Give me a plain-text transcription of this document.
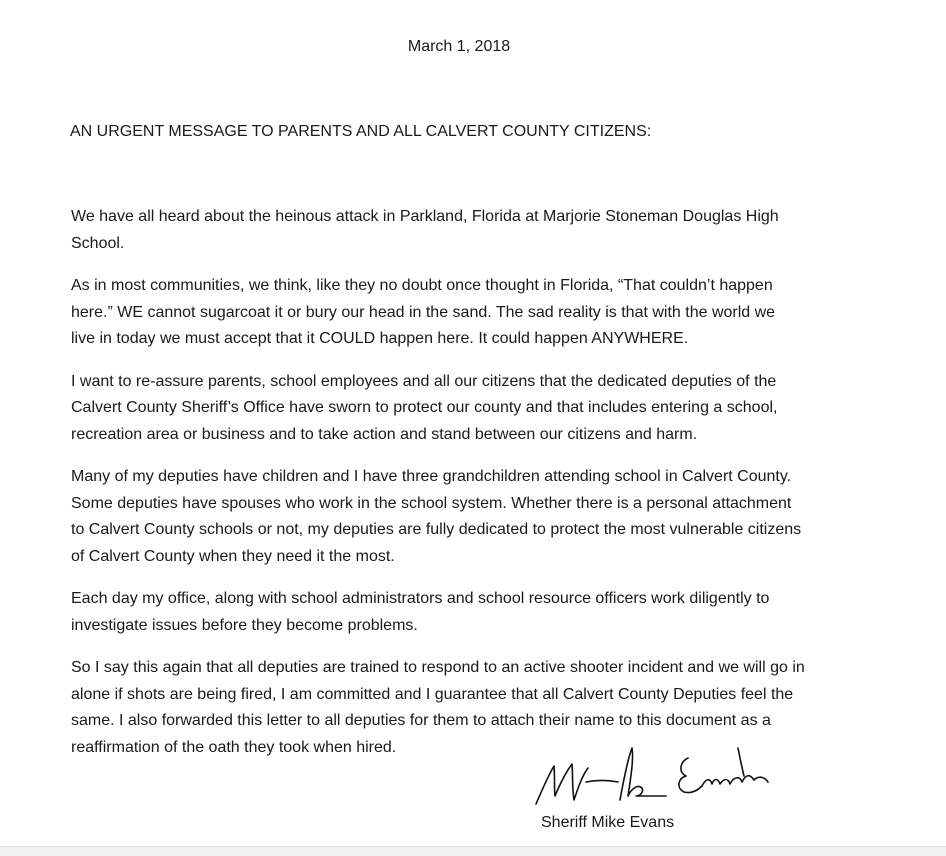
March 1, 2018
AN URGENT MESSAGE TO PARENTS AND ALL CALVERT COUNTY CITIZENS:

We have all heard about the heinous attack in Parkland, Florida at Marjorie Stoneman Douglas High
School.

As in most communities, we think, like they no doubt once thought in Florida, “That couldn’t happen
here.” WE cannot sugarcoat it or bury our head in the sand. The sad reality is that with the world we
live in today we must accept that it COULD happen here. It could happen ANYWHERE.

I want to re-assure parents, school employees and all our citizens that the dedicated deputies of the
Calvert County Sheriff’s Office have sworn to protect our county and that includes entering a school,
recreation area or business and to take action and stand between our citizens and harm.

Many of my deputies have children and I have three grandchildren attending school in Calvert County.
Some deputies have spouses who work in the school system. Whether there is a personal attachment
to Calvert County schools or not, my deputies are fully dedicated to protect the most vulnerable citizens
of Calvert County when they need it the most.

Each day my office, along with school administrators and school resource officers work diligently to
investigate issues before they become problems.

So I say this again that all deputies are trained to respond to an active shooter incident and we will go in
alone if shots are being fired, I am committed and I guarantee that all Calvert County Deputies feel the
same. I also forwarded this letter to all deputies for them to attach their name to this document as a
reaffirmation of the oath they took when hired.

Sheriff Mike Evans
